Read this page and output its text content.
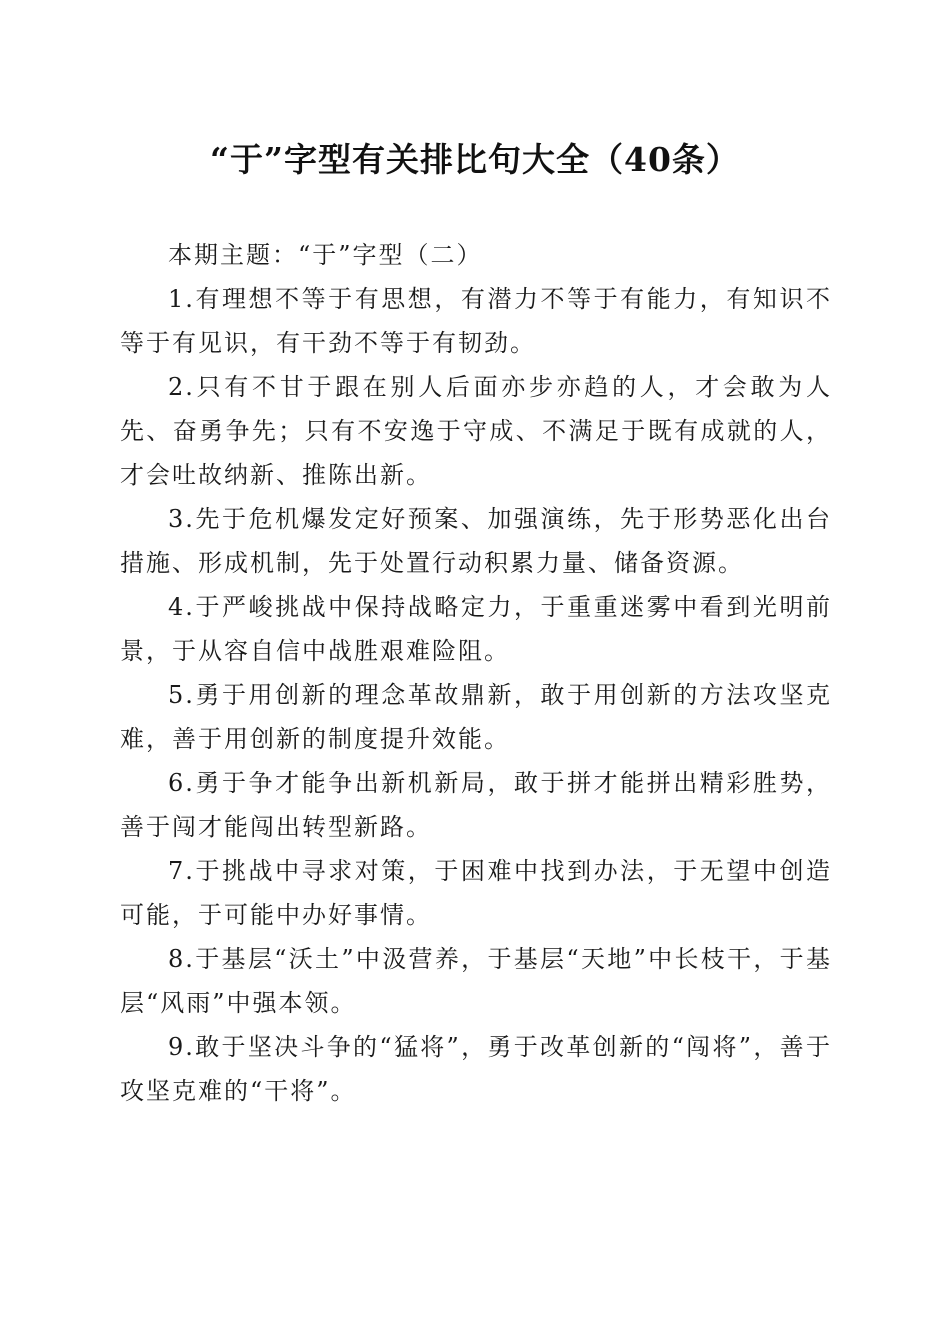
“于”字型有关排比句大全（40条）

本期主题：“于”字型（二）

1.有理想不等于有思想，有潜力不等于有能力，有知识不等于有见识，有干劲不等于有韧劲。

2.只有不甘于跟在别人后面亦步亦趋的人，才会敢为人先、奋勇争先；只有不安逸于守成、不满足于既有成就的人，才会吐故纳新、推陈出新。

3.先于危机爆发定好预案、加强演练，先于形势恶化出台措施、形成机制，先于处置行动积累力量、储备资源。

4.于严峻挑战中保持战略定力，于重重迷雾中看到光明前景，于从容自信中战胜艰难险阻。

5.勇于用创新的理念革故鼎新，敢于用创新的方法攻坚克难，善于用创新的制度提升效能。

6.勇于争才能争出新机新局，敢于拼才能拼出精彩胜势，善于闯才能闯出转型新路。

7.于挑战中寻求对策，于困难中找到办法，于无望中创造可能，于可能中办好事情。

8.于基层“沃土”中汲营养，于基层“天地”中长枝干，于基层“风雨”中强本领。

9.敢于坚决斗争的“猛将”，勇于改革创新的“闯将”，善于攻坚克难的“干将”。
